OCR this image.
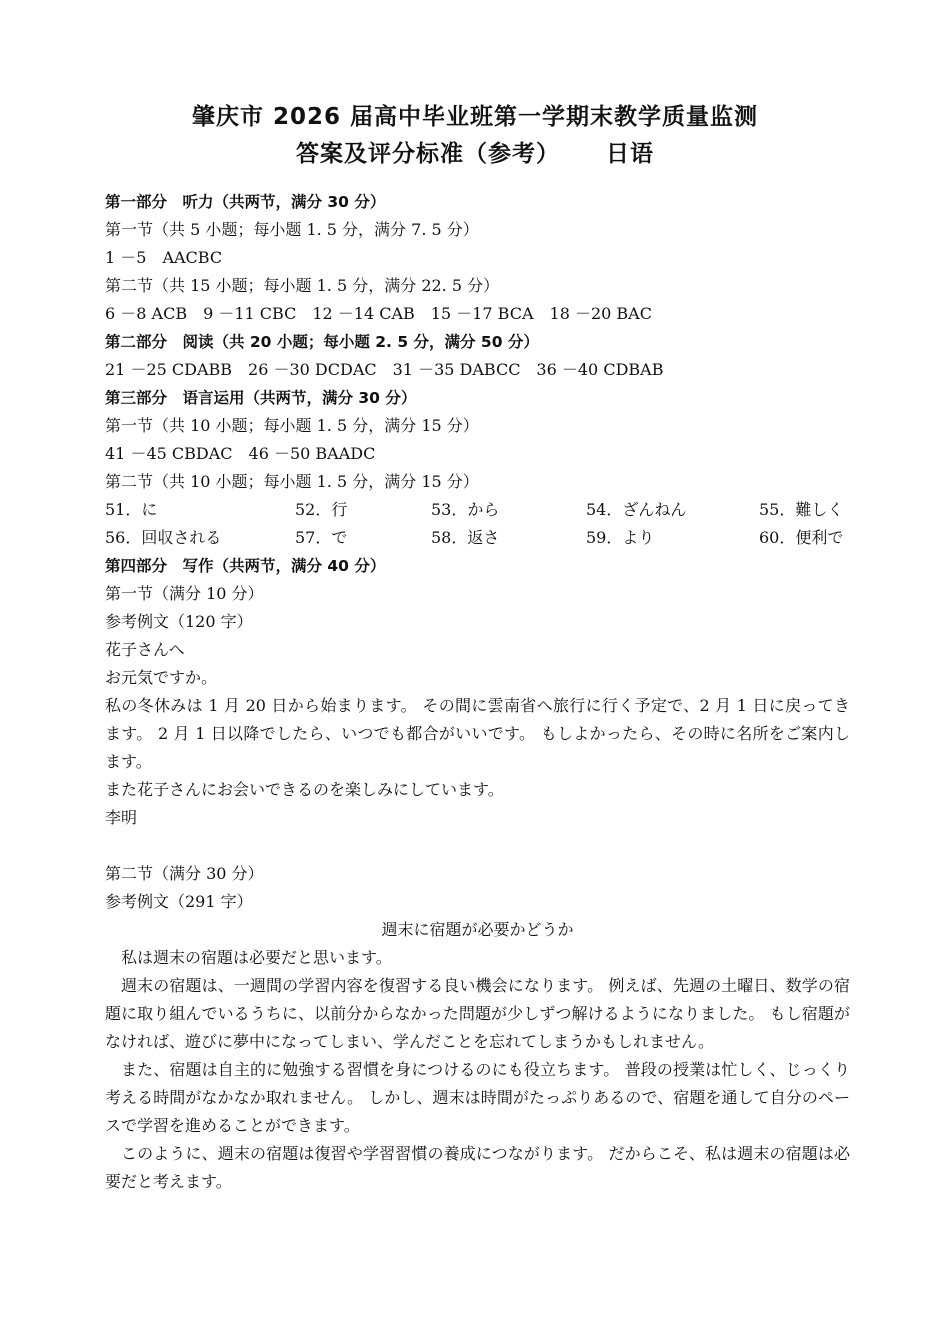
肇庆市 2026 届高中毕业班第一学期末教学质量监测
答案及评分标准（参考） 日语
第一部分　听力（共两节，满分 30 分）
第一节（共 5 小题；每小题 1. 5 分，满分 7. 5 分）
1 －5　AACBC
第二节（共 15 小题；每小题 1. 5 分，满分 22. 5 分）
6 －8 ACB　9 －11 CBC　12 －14 CAB　15 －17 BCA　18 －20 BAC
第二部分　阅读（共 20 小题；每小题 2. 5 分，满分 50 分）
21 －25 CDABB　26 －30 DCDAC　31 －35 DABCC　36 －40 CDBAB
第三部分　语言运用（共两节，满分 30 分）
第一节（共 10 小题；每小题 1. 5 分，满分 15 分）
41 －45 CBDAC　46 －50 BAADC
第二节（共 10 小题；每小题 1. 5 分，满分 15 分）
51．に	52．行	53．から	54．ざんねん	55．難しく
56．回収される	57．で	58．返さ	59．より	60．便利で
第四部分　写作（共两节，满分 40 分）
第一节（满分 10 分）
参考例文（120 字）
花子さんへ
お元気ですか。
私の冬休みは 1 月 20 日から始まります。 その間に雲南省へ旅行に行く予定で、2 月 1 日に戻ってきます。 2 月 1 日以降でしたら、いつでも都合がいいです。 もしよかったら、その時に名所をご案内します。
また花子さんにお会いできるのを楽しみにしています。
李明
第二节（满分 30 分）
参考例文（291 字）
週末に宿題が必要かどうか
私は週末の宿題は必要だと思います。
週末の宿題は、一週間の学習内容を復習する良い機会になります。 例えば、先週の土曜日、数学の宿題に取り組んでいるうちに、以前分からなかった問題が少しずつ解けるようになりました。 もし宿題がなければ、遊びに夢中になってしまい、学んだことを忘れてしまうかもしれません。
また、宿題は自主的に勉強する習慣を身につけるのにも役立ちます。 普段の授業は忙しく、じっくり考える時間がなかなか取れません。 しかし、週末は時間がたっぷりあるので、宿題を通して自分のペースで学習を進めることができます。
このように、週末の宿題は復習や学習習慣の養成につながります。 だからこそ、私は週末の宿題は必要だと考えます。
